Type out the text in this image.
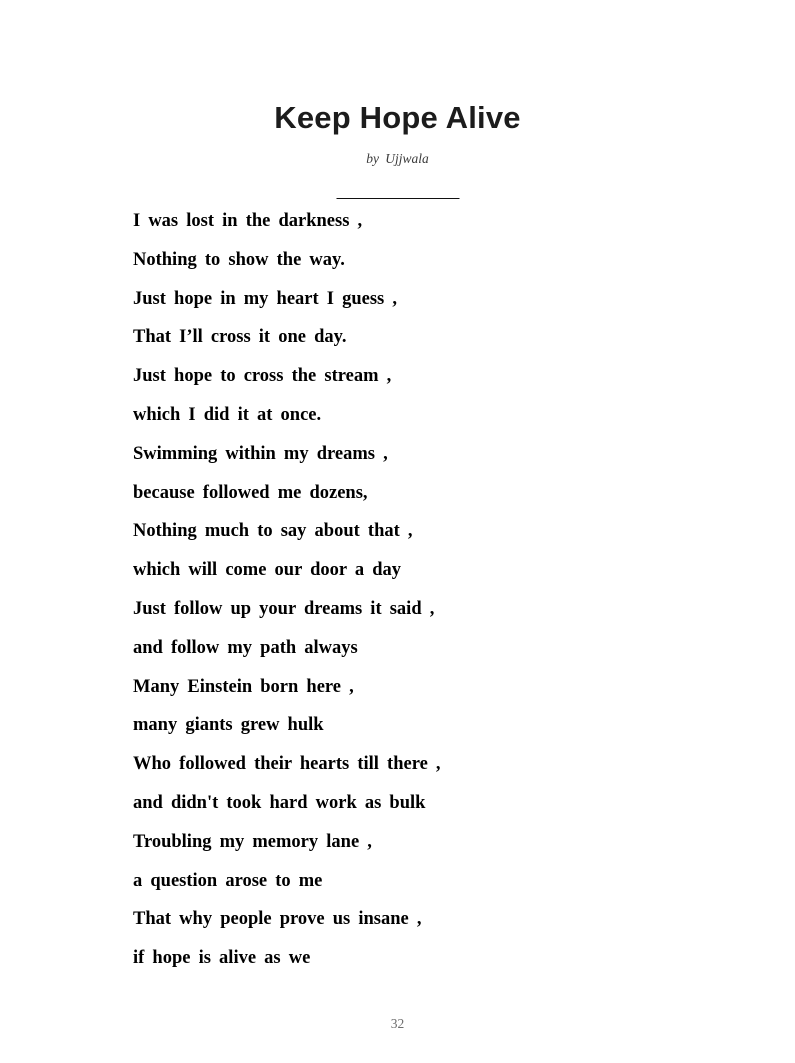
Keep Hope Alive
by Ujjwala
I was lost in the darkness ,
Nothing to show the way.
Just hope in my heart I guess ,
That I’ll cross it one day.
Just hope to cross the stream ,
which I did it at once.
Swimming within my dreams ,
because followed me dozens,
Nothing much to say about that ,
which will come our door a day
Just follow up your dreams it said ,
and follow my path always
Many Einstein born here ,
many giants grew hulk
Who followed their hearts till there ,
and didn't took hard work as bulk
Troubling my memory lane ,
a question arose to me
That why people prove us insane ,
if hope is alive as we
32
